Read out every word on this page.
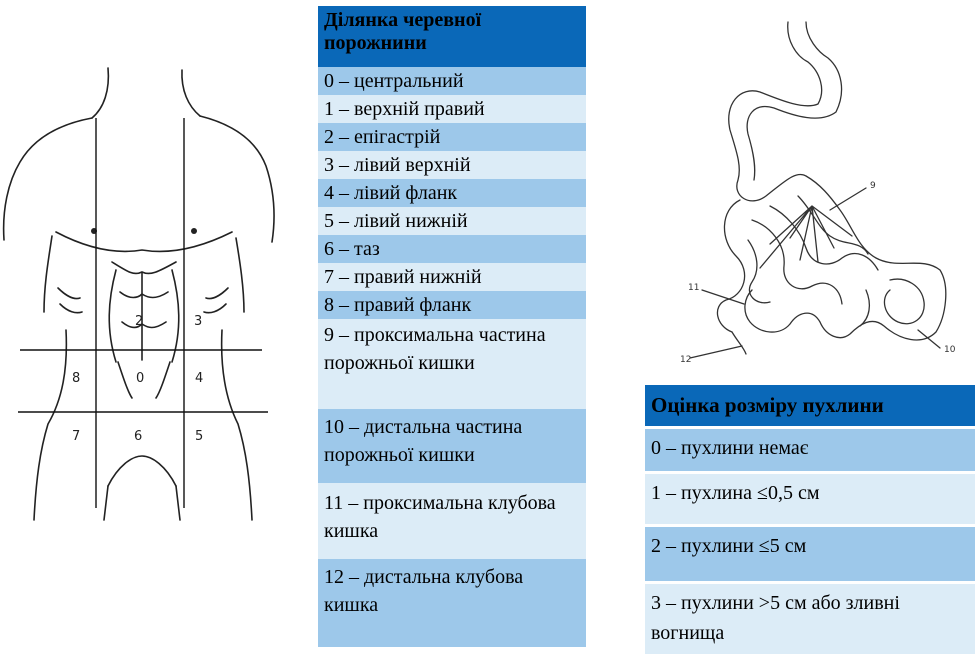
2	3
8	0	4
7	6	5
9
11
12
10
Ділянка черевної порожнини
0 – центральний
1 – верхній правий
2 – епігастрій
3 – лівий верхній
4 – лівий фланк
5 – лівий нижній
6 – таз
7 – правий нижній
8 – правий фланк
9 – проксимальна частина порожньої кишки
10 – дистальна частина порожньої кишки
11 – проксимальна клубова кишка
12 – дистальна клубова кишка
Оцінка розміру пухлини

0 – пухлини немає

1 – пухлина ≤0,5 см

2 – пухлини ≤5 см

3 – пухлини >5 см або зливні вогнища
